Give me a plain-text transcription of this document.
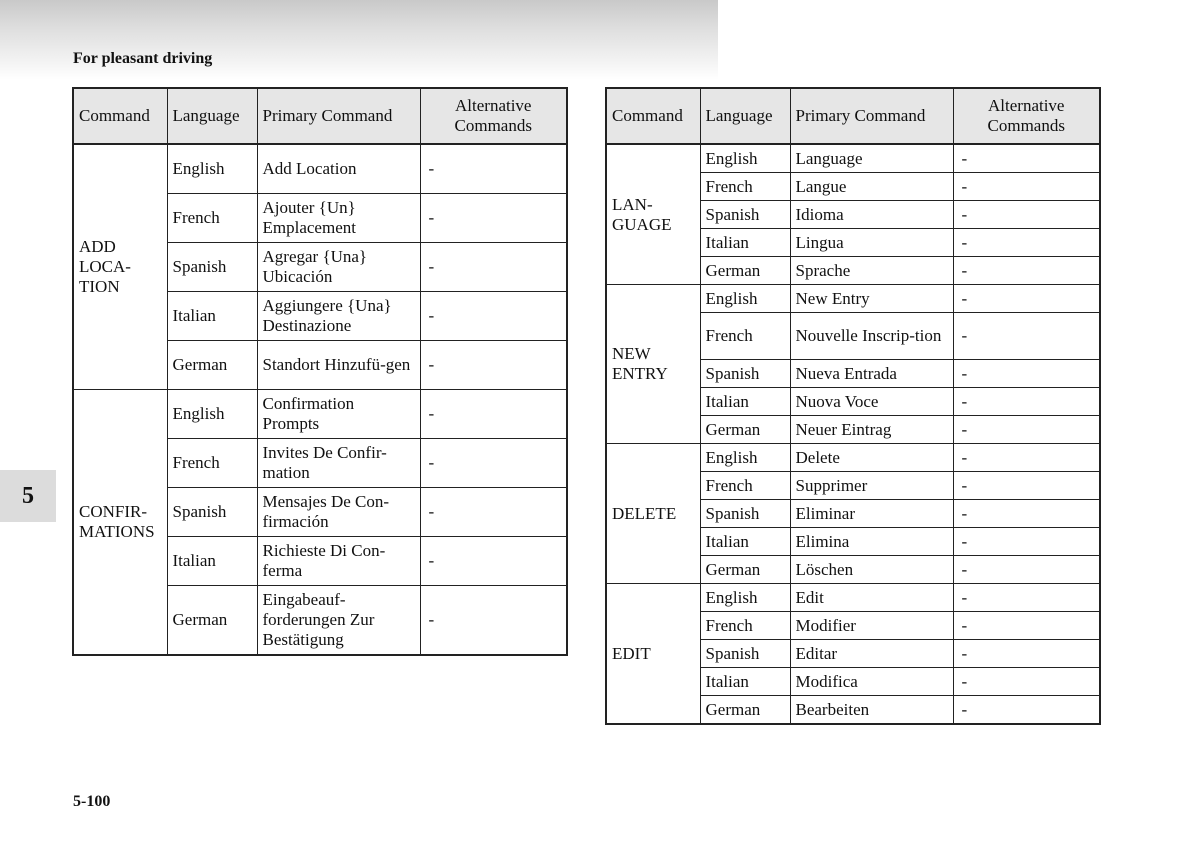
For pleasant driving
5
5-100
Command	Language	Primary Command	Alternative Commands
ADD LOCA-TION	English	Add Location	-
	French	Ajouter {Un} Emplacement	-
	Spanish	Agregar {Una} Ubicación	-
	Italian	Aggiungere {Una} Destinazione	-
	German	Standort Hinzufü-gen	-
CONFIR-MATIONS	English	Confirmation Prompts	-
	French	Invites De Confir-mation	-
	Spanish	Mensajes De Con-firmación	-
	Italian	Richieste Di Con-ferma	-
	German	Eingabeauf-forderungen Zur Bestätigung	-
Command	Language	Primary Command	Alternative Commands
LAN-GUAGE	English	Language	-
	French	Langue	-
	Spanish	Idioma	-
	Italian	Lingua	-
	German	Sprache	-
NEW ENTRY	English	New Entry	-
	French	Nouvelle Inscrip-tion	-
	Spanish	Nueva Entrada	-
	Italian	Nuova Voce	-
	German	Neuer Eintrag	-
DELETE	English	Delete	-
	French	Supprimer	-
	Spanish	Eliminar	-
	Italian	Elimina	-
	German	Löschen	-
EDIT	English	Edit	-
	French	Modifier	-
	Spanish	Editar	-
	Italian	Modifica	-
	German	Bearbeiten	-
